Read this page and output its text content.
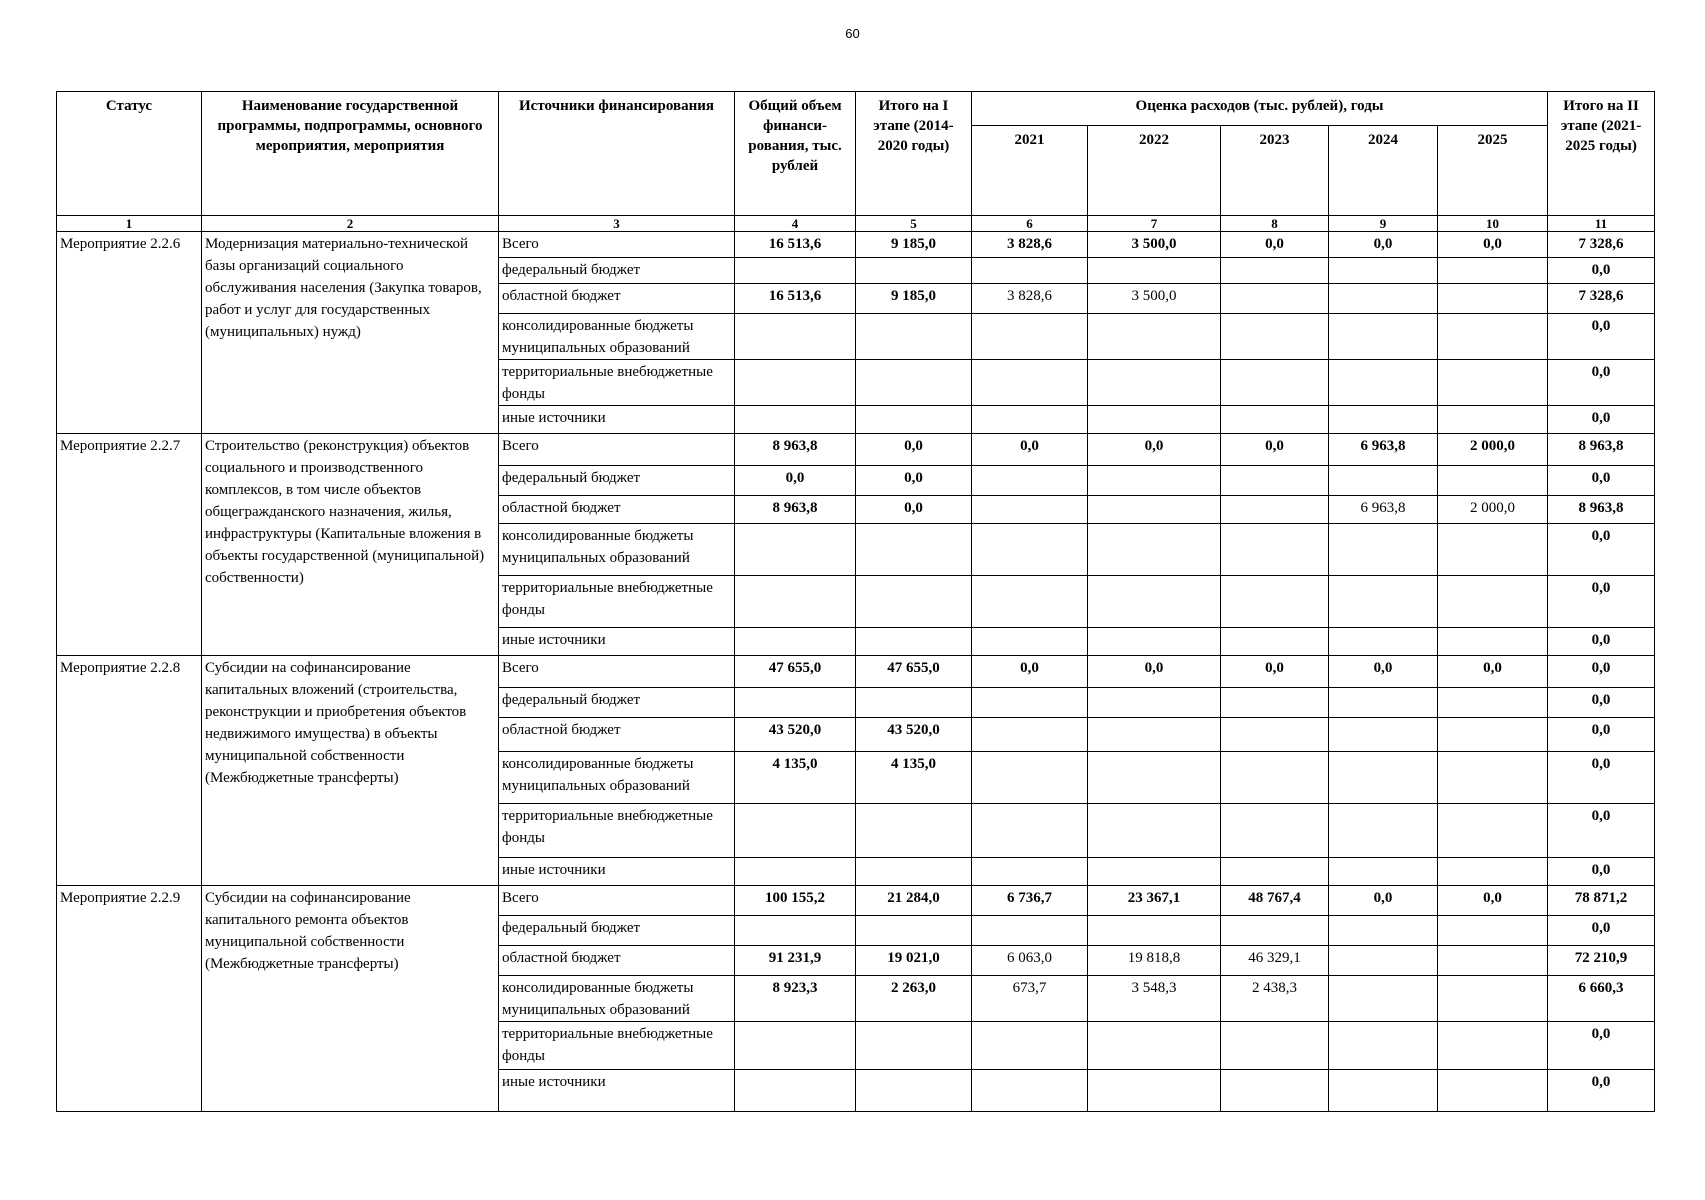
60
Статус	Наименование государственной программы, подпрограммы, основного мероприятия, мероприятия	Источники финансирования	Общий объем финанси-рования, тыс. рублей	Итого на I этапе (2014-2020 годы)	Оценка расходов (тыс. рублей), годы					Итого на II этапе (2021-2025 годы)
					2021	2022	2023	2024	2025	
1	2	3	4	5	6	7	8	9	10	11
Мероприятие 2.2.6	Модернизация материально-технической базы организаций социального обслуживания населения (Закупка товаров, работ и услуг для государственных (муниципальных) нужд)	Всего	16 513,6	9 185,0	3 828,6	3 500,0	0,0	0,0	0,0	7 328,6
		федеральный бюджет								0,0
		областной бюджет	16 513,6	9 185,0	3 828,6	3 500,0				7 328,6
		консолидированные бюджеты муниципальных образований								0,0
		территориальные внебюджетные фонды								0,0
		иные источники								0,0
Мероприятие 2.2.7	Строительство (реконструкция) объектов социального и производственного комплексов, в том числе объектов общегражданского назначения, жилья, инфраструктуры (Капитальные вложения в объекты государственной (муниципальной) собственности)	Всего	8 963,8	0,0	0,0	0,0	0,0	6 963,8	2 000,0	8 963,8
		федеральный бюджет	0,0	0,0						0,0
		областной бюджет	8 963,8	0,0				6 963,8	2 000,0	8 963,8
		консолидированные бюджеты муниципальных образований								0,0
		территориальные внебюджетные фонды								0,0
		иные источники								0,0
Мероприятие 2.2.8	Субсидии на софинансирование капитальных вложений (строительства, реконструкции и приобретения объектов недвижимого имущества) в объекты муниципальной собственности (Межбюджетные трансферты)	Всего	47 655,0	47 655,0	0,0	0,0	0,0	0,0	0,0	0,0
		федеральный бюджет								0,0
		областной бюджет	43 520,0	43 520,0						0,0
		консолидированные бюджеты муниципальных образований	4 135,0	4 135,0						0,0
		территориальные внебюджетные фонды								0,0
		иные источники								0,0
Мероприятие 2.2.9	Субсидии на софинансирование капитального ремонта объектов муниципальной собственности (Межбюджетные трансферты)	Всего	100 155,2	21 284,0	6 736,7	23 367,1	48 767,4	0,0	0,0	78 871,2
		федеральный бюджет								0,0
		областной бюджет	91 231,9	19 021,0	6 063,0	19 818,8	46 329,1			72 210,9
		консолидированные бюджеты муниципальных образований	8 923,3	2 263,0	673,7	3 548,3	2 438,3			6 660,3
		территориальные внебюджетные фонды								0,0
		иные источники								0,0
